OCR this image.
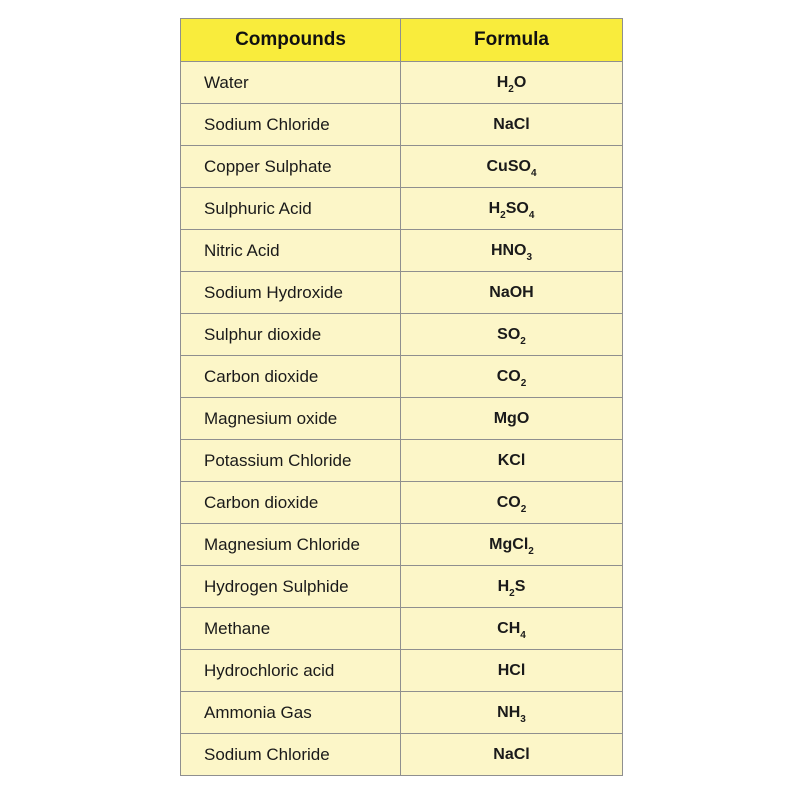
Compounds	Formula
Water	$H_2O$
Sodium Chloride	NaCl
Copper Sulphate	CuSO$_4$
Sulphuric Acid	$H_2SO_4$
Nitric Acid	$HNO_3$
Sodium Hydroxide	NaOH
Sulphur dioxide	$SO_2$
Carbon dioxide	$CO_2$
Magnesium oxide	MgO
Potassium Chloride	KCl
Carbon dioxide	$CO_2$
Magnesium Chloride	MgCl$_2$
Hydrogen Sulphide	$H_2S$
Methane	$CH_4$
Hydrochloric acid	HCl
Ammonia Gas	$NH_3$
Sodium Chloride	NaCl
